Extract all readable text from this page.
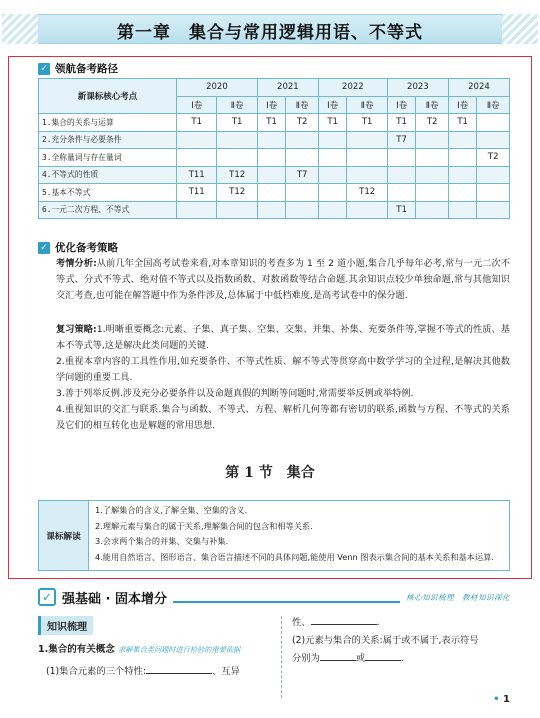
第一章　集合与常用逻辑用语、不等式
✓ 领航备考路径
新课标核心考点	2020		2021		2022		2023		2024	
	Ⅰ卷	Ⅱ卷	Ⅰ卷	Ⅱ卷	Ⅰ卷	Ⅱ卷	Ⅰ卷	Ⅱ卷	Ⅰ卷	Ⅱ卷
1.集合的关系与运算	T1	T1	T1	T2	T1	T1	T1	T2	T1	
2.充分条件与必要条件							T7			
3.全称量词与存在量词										T2
4.不等式的性质	T11	T12		T7						
5.基本不等式	T11	T12				T12				
6.一元二次方程、不等式							T1			
✓ 优化备考策略
考情分析:从前几年全国高考试卷来看,对本章知识的考查多为 1 至 2 道小题,集合几乎每年必考,常与一元二次不等式、分式不等式、绝对值不等式以及指数函数、对数函数等结合命题.其余知识点较少单独命题,常与其他知识交汇考查,也可能在解答题中作为条件涉及,总体属于中低档难度,是高考试卷中的保分题.
复习策略:1.明晰重要概念:元素、子集、真子集、空集、交集、并集、补集、充要条件等,掌握不等式的性质、基本不等式等,这是解决此类问题的关键.
2.重视本章内容的工具性作用,如充要条件、不等式性质、解不等式等贯穿高中数学学习的全过程,是解决其他数学问题的重要工具.
3.善于列举反例.涉及充分必要条件以及命题真假的判断等问题时,常需要举反例或举特例.
4.重视知识的交汇与联系.集合与函数、不等式、方程、解析几何等都有密切的联系,函数与方程、不等式的关系及它们的相互转化也是解题的常用思想.
第 1 节　集合
课标解读
1.了解集合的含义,了解全集、空集的含义.
2.理解元素与集合的属于关系,理解集合间的包含和相等关系.
3.会求两个集合的并集、交集与补集.
4.能用自然语言、图形语言、集合语言描述不同的具体问题,能使用 Venn 图表示集合间的基本关系和基本运算.
✓ 强基础 · 固本增分	核心知识梳理　教材知识深化
知识梳理
1.集合的有关概念 求解集合类问题时进行检验的重要依据
(1)集合元素的三个特性:	、互异
性、	.
(2)元素与集合的关系:属于或不属于,表示符号
分别为	或	.
• 1
